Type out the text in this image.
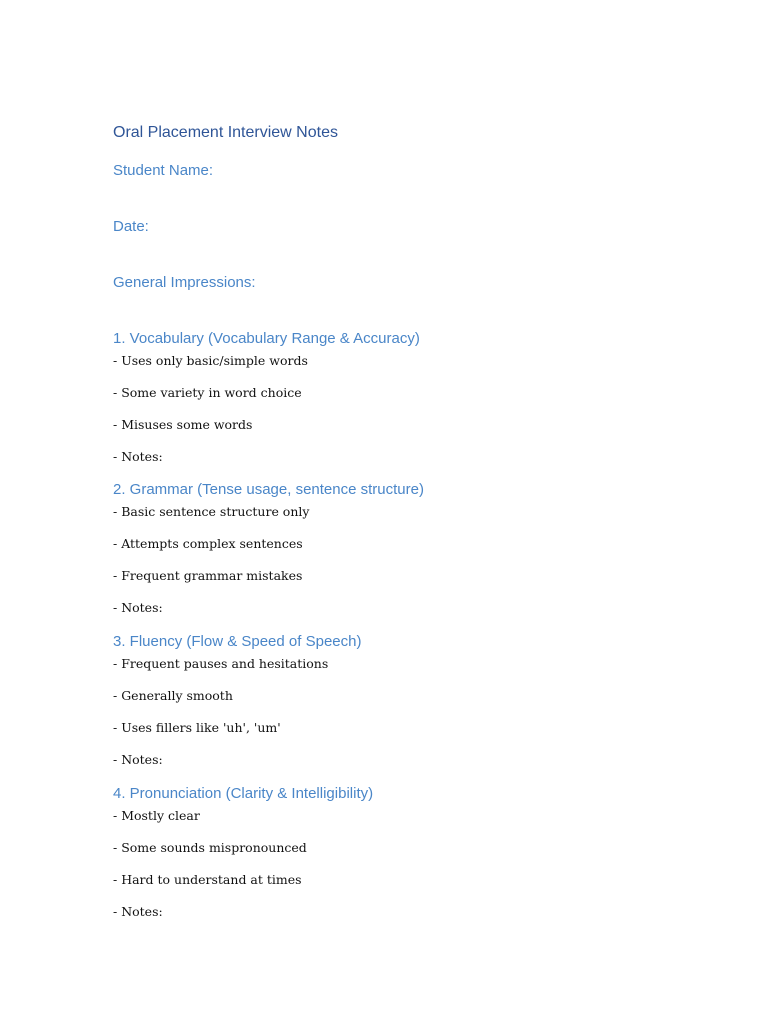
Oral Placement Interview Notes
Student Name:
Date:
General Impressions:
1. Vocabulary (Vocabulary Range & Accuracy)

- Uses only basic/simple words

- Some variety in word choice

- Misuses some words

- Notes:

2. Grammar (Tense usage, sentence structure)

- Basic sentence structure only

- Attempts complex sentences

- Frequent grammar mistakes

- Notes:

3. Fluency (Flow & Speed of Speech)

- Frequent pauses and hesitations

- Generally smooth

- Uses fillers like 'uh', 'um'

- Notes:

4. Pronunciation (Clarity & Intelligibility)

- Mostly clear

- Some sounds mispronounced

- Hard to understand at times

- Notes:
